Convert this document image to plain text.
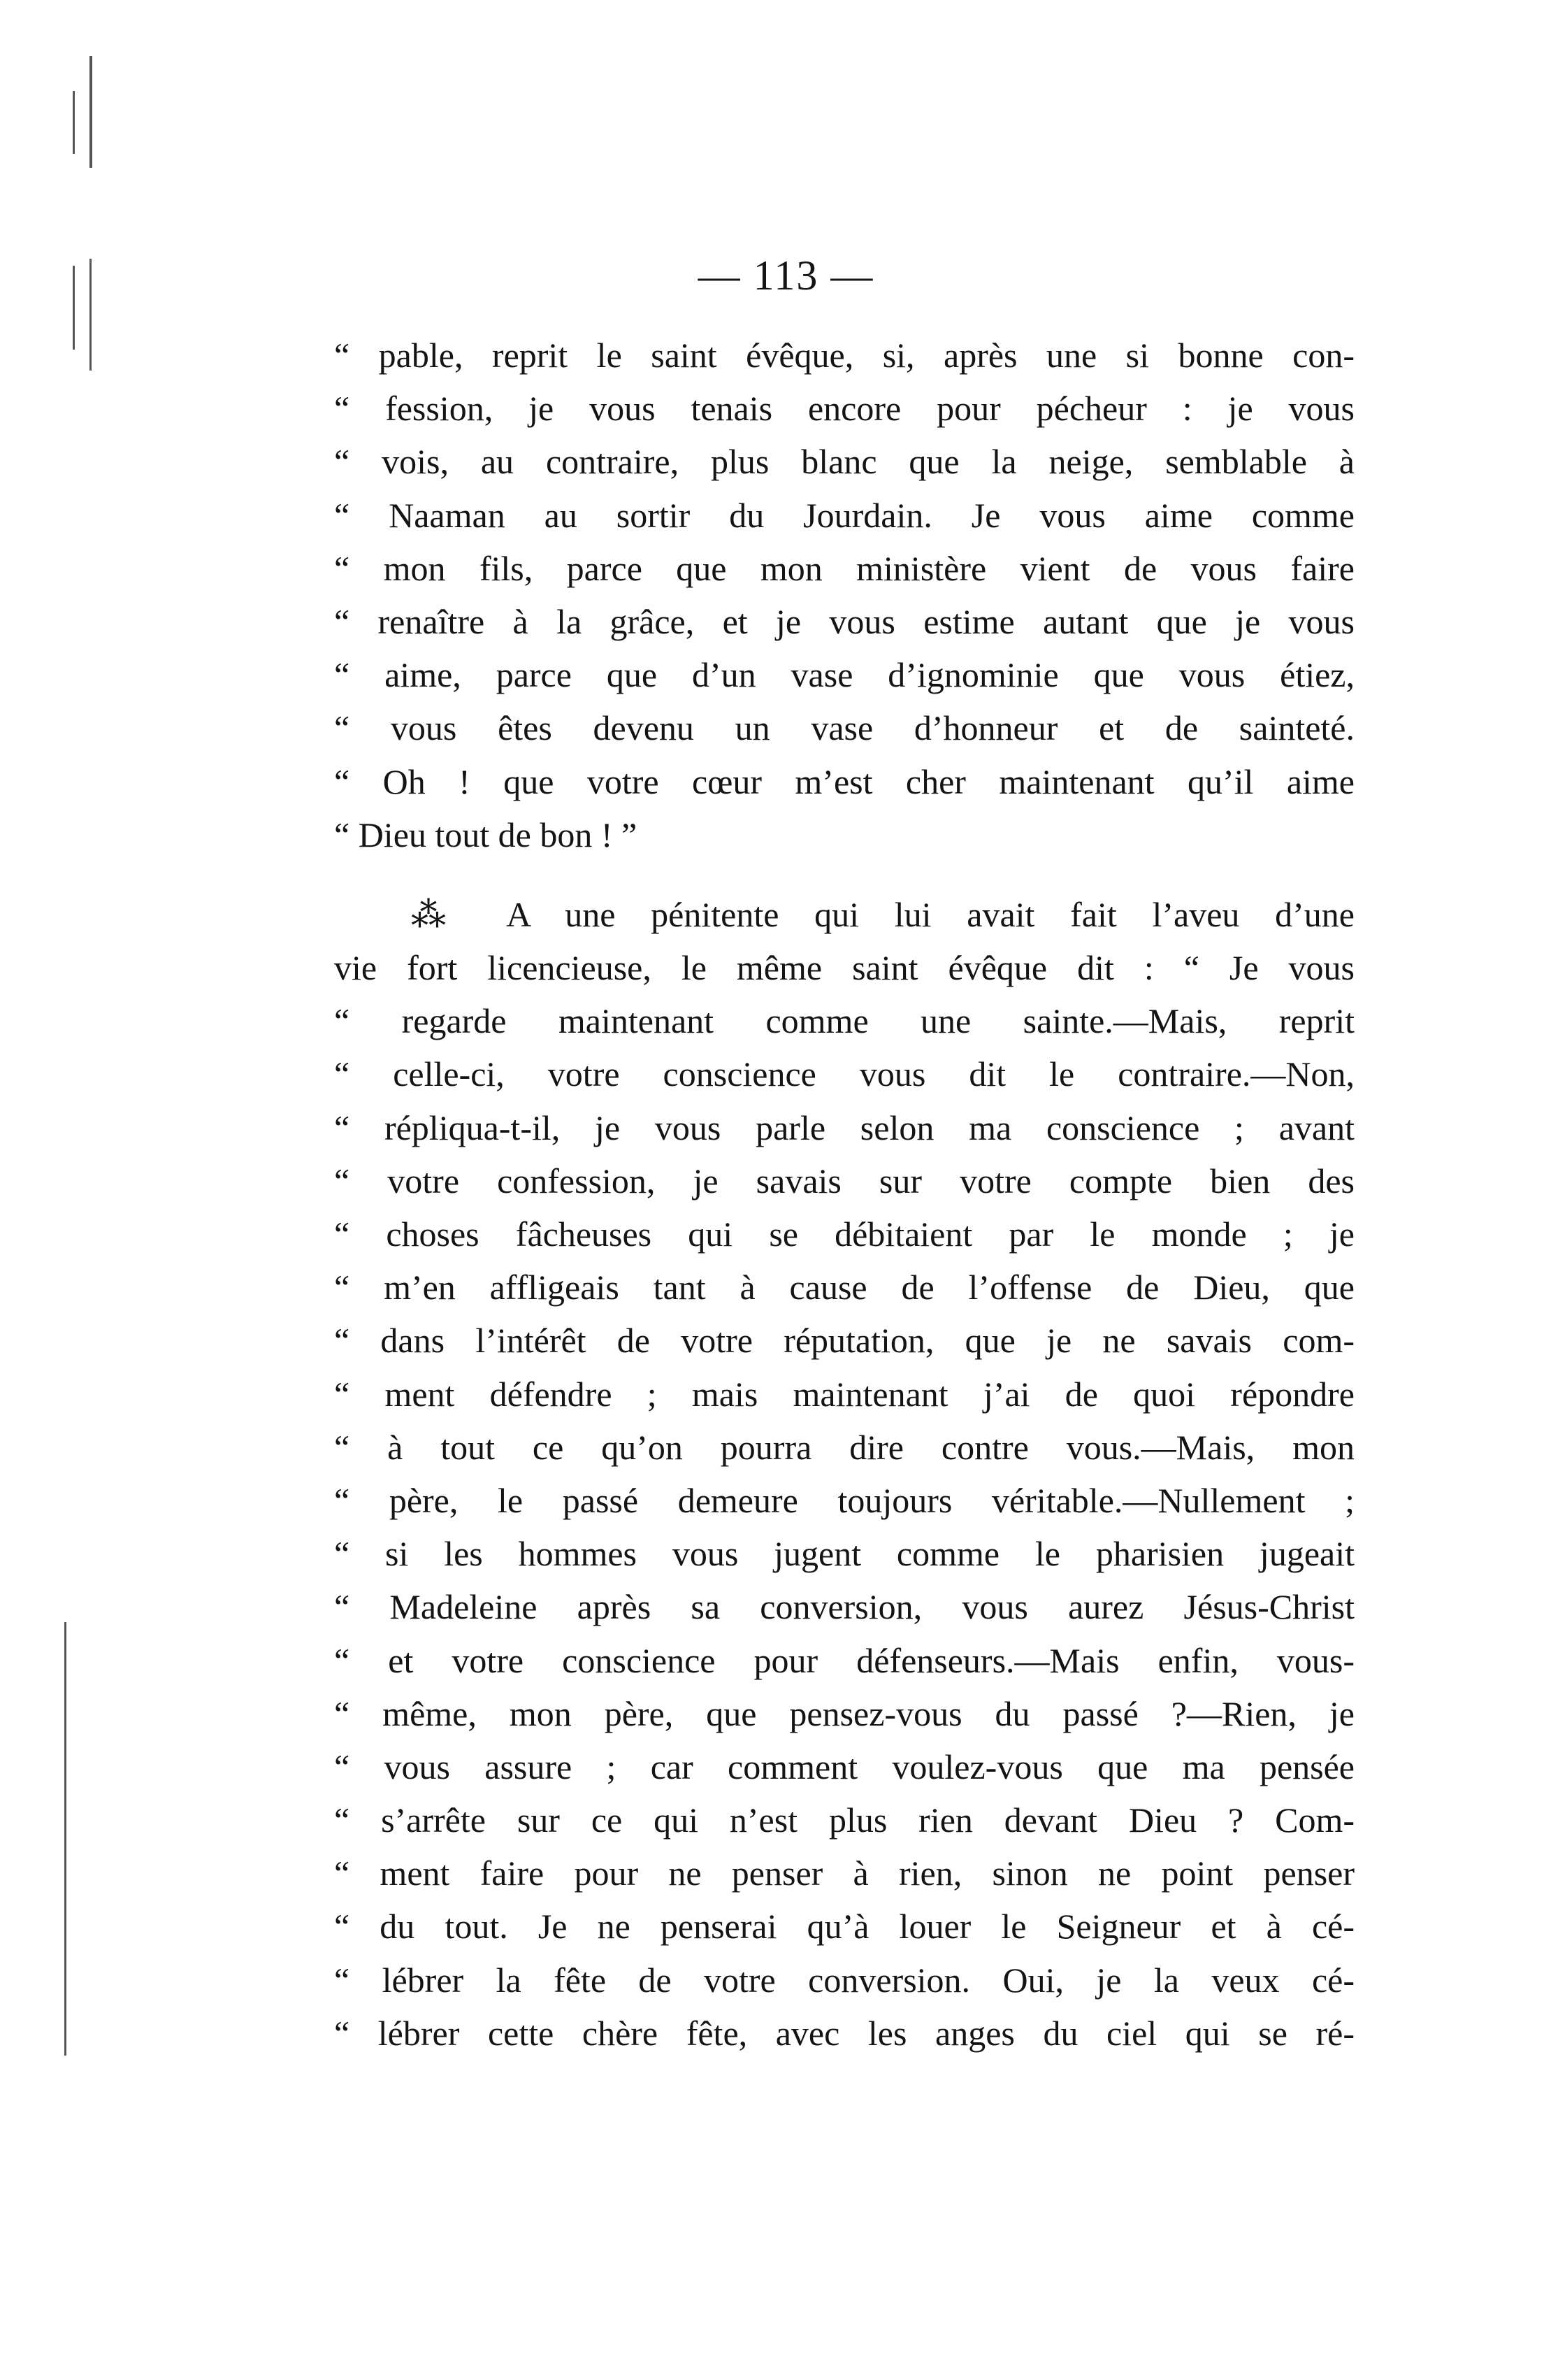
— 113 —
“ pable, reprit le saint évêque, si, après une si bonne con-
“ fession, je vous tenais encore pour pécheur : je vous
“ vois, au contraire, plus blanc que la neige, semblable à
“ Naaman au sortir du Jourdain. Je vous aime comme
“ mon fils, parce que mon ministère vient de vous faire
“ renaître à la grâce, et je vous estime autant que je vous
“ aime, parce que d’un vase d’ignominie que vous étiez,
“ vous êtes devenu un vase d’honneur et de sainteté.
“ Oh ! que votre cœur m’est cher maintenant qu’il aime
“ Dieu tout de bon ! ”
⁂ A une pénitente qui lui avait fait l’aveu d’une
vie fort licencieuse, le même saint évêque dit : “ Je vous
“ regarde maintenant comme une sainte.—Mais, reprit
“ celle-ci, votre conscience vous dit le contraire.—Non,
“ répliqua-t-il, je vous parle selon ma conscience ; avant
“ votre confession, je savais sur votre compte bien des
“ choses fâcheuses qui se débitaient par le monde ; je
“ m’en affligeais tant à cause de l’offense de Dieu, que
“ dans l’intérêt de votre réputation, que je ne savais com-
“ ment défendre ; mais maintenant j’ai de quoi répondre
“ à tout ce qu’on pourra dire contre vous.—Mais, mon
“ père, le passé demeure toujours véritable.—Nullement ;
“ si les hommes vous jugent comme le pharisien jugeait
“ Madeleine après sa conversion, vous aurez Jésus-Christ
“ et votre conscience pour défenseurs.—Mais enfin, vous-
“ même, mon père, que pensez-vous du passé ?—Rien, je
“ vous assure ; car comment voulez-vous que ma pensée
“ s’arrête sur ce qui n’est plus rien devant Dieu ? Com-
“ ment faire pour ne penser à rien, sinon ne point penser
“ du tout. Je ne penserai qu’à louer le Seigneur et à cé-
“ lébrer la fête de votre conversion. Oui, je la veux cé-
“ lébrer cette chère fête, avec les anges du ciel qui se ré-
